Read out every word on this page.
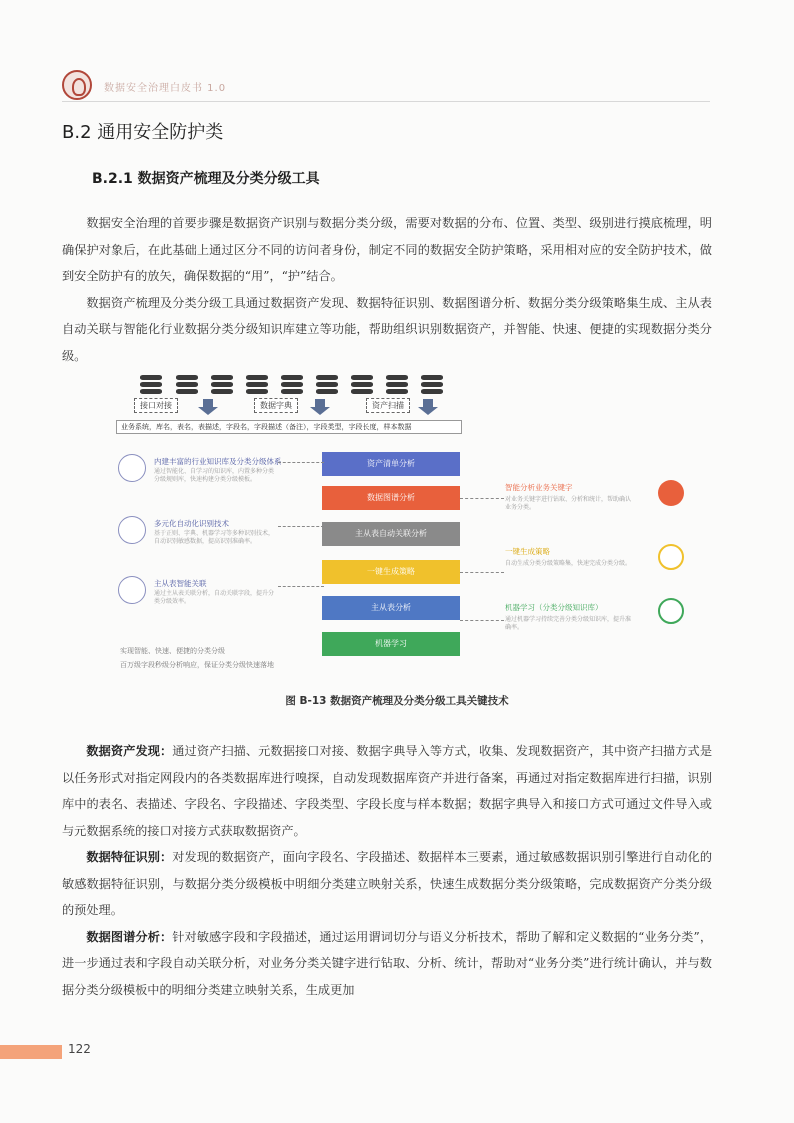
数据安全治理白皮书 1.0
B.2 通用安全防护类
B.2.1 数据资产梳理及分类分级工具

数据安全治理的首要步骤是数据资产识别与数据分类分级，需要对数据的分布、位置、类型、级别进行摸底梳理，明确保护对象后，在此基础上通过区分不同的访问者身份，制定不同的数据安全防护策略，采用相对应的安全防护技术，做到安全防护有的放矢，确保数据的“用”，“护”结合。

数据资产梳理及分类分级工具通过数据资产发现、数据特征识别、数据图谱分析、数据分类分级策略集生成、主从表自动关联与智能化行业数据分类分级知识库建立等功能，帮助组织识别数据资产，并智能、快速、便捷的实现数据分类分级。

接口对接	数据字典	资产扫描
业务系统，库名，表名，表描述，字段名，字段描述（备注），字段类型，字段长度，样本数据
资产清单分析
数据图谱分析
主从表自动关联分析
一键生成策略
主从表分析
机器学习
内建丰富的行业知识库及分类分级体系
通过智能化、自学习的知识库，内置多种分类分级规则库，快速构建分类分级模板。
多元化自动化识别技术
基于正则、字典、机器学习等多种识别技术，自动识别敏感数据，提高识别准确率。
主从表智能关联
通过主从表关联分析，自动关联字段，提升分类分级效率。
智能分析业务关键字
对业务关键字进行钻取、分析和统计，帮助确认业务分类。
一键生成策略
自动生成分类分级策略集，快速完成分类分级。
机器学习（分类分级知识库）
通过机器学习持续完善分类分级知识库，提升准确率。
实现智能、快速、便捷的分类分级
百万级字段秒级分析响应，保证分类分级快速落地
图 B-13 数据资产梳理及分类分级工具关键技术

数据资产发现：通过资产扫描、元数据接口对接、数据字典导入等方式，收集、发现数据资产，其中资产扫描方式是以任务形式对指定网段内的各类数据库进行嗅探，自动发现数据库资产并进行备案，再通过对指定数据库进行扫描，识别库中的表名、表描述、字段名、字段描述、字段类型、字段长度与样本数据；数据字典导入和接口方式可通过文件导入或与元数据系统的接口对接方式获取数据资产。

数据特征识别：对发现的数据资产，面向字段名、字段描述、数据样本三要素，通过敏感数据识别引擎进行自动化的敏感数据特征识别，与数据分类分级模板中明细分类建立映射关系，快速生成数据分类分级策略，完成数据资产分类分级的预处理。

数据图谱分析：针对敏感字段和字段描述，通过运用谓词切分与语义分析技术，帮助了解和定义数据的“业务分类”，进一步通过表和字段自动关联分析，对业务分类关键字进行钻取、分析、统计，帮助对“业务分类”进行统计确认，并与数据分类分级模板中的明细分类建立映射关系，生成更加

122
